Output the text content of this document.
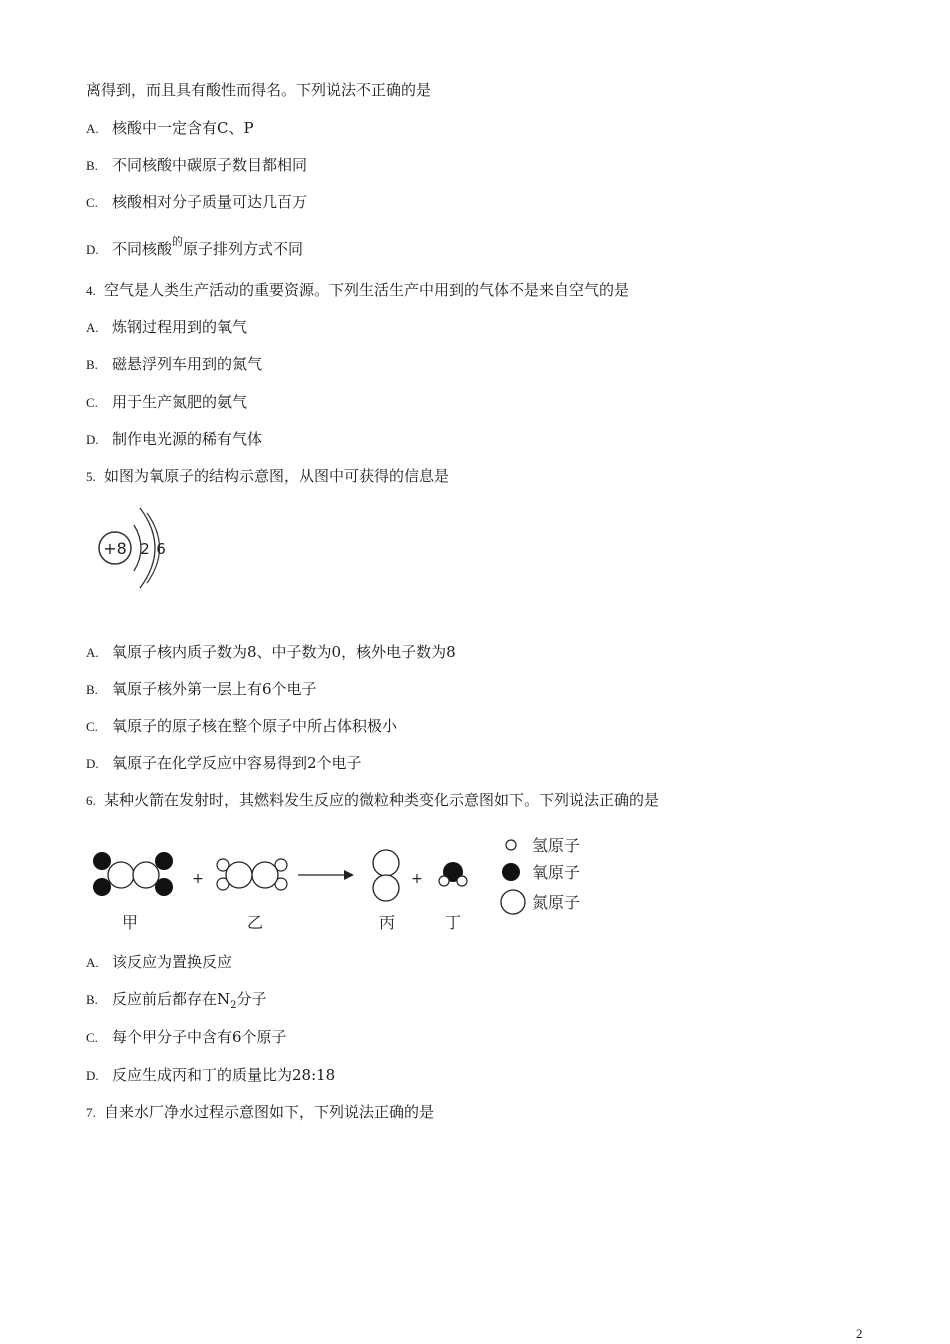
离得到，而且具有酸性而得名。下列说法不正确的是
A. 核酸中一定含有C、P
B. 不同核酸中碳原子数目都相同
C. 核酸相对分子质量可达几百万
D. 不同核酸$^的$原子排列方式不同
4. 空气是人类生产活动的重要资源。下列生活生产中用到的气体不是来自空气的是
A. 炼钢过程用到的氧气
B. 磁悬浮列车用到的氮气
C. 用于生产氮肥的氨气
D. 制作电光源的稀有气体
5. 如图为氧原子的结构示意图，从图中可获得的信息是
+8 2 6
A. 氧原子核内质子数为8、中子数为0，核外电子数为8
B. 氧原子核外第一层上有6个电子
C. 氧原子的原子核在整个原子中所占体积极小
D. 氧原子在化学反应中容易得到2个电子
6. 某种火箭在发射时，其燃料发生反应的微粒种类变化示意图如下。下列说法正确的是
+	+
甲	乙	丙	丁
氢原子
氧原子
氮原子
A. 该反应为置换反应
B. 反应前后都存在$N_2$分子
C. 每个甲分子中含有6个原子
D. 反应生成丙和丁的质量比为28:18
7. 自来水厂净水过程示意图如下，下列说法正确的是
2
